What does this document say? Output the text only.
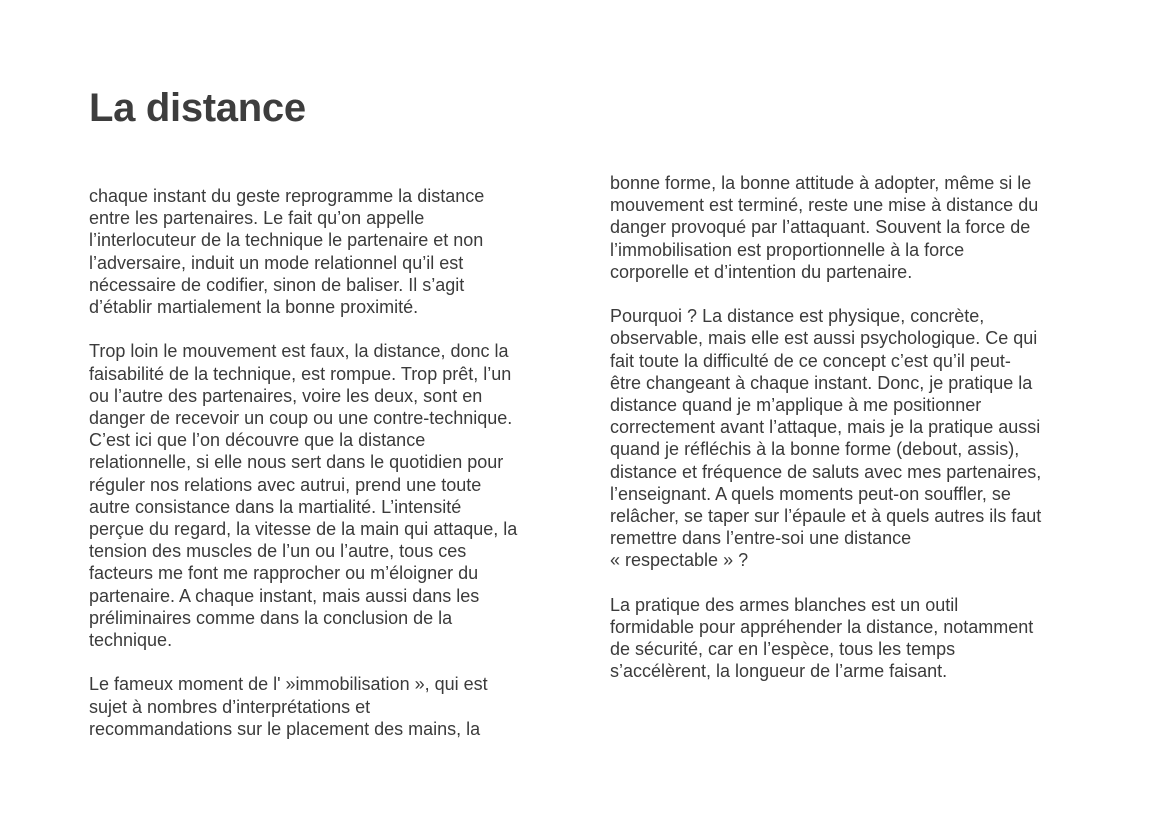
La distance

chaque instant du geste reprogramme la distance
entre les partenaires. Le fait qu’on appelle
l’interlocuteur de la technique le partenaire et non
l’adversaire, induit un mode relationnel qu’il est
nécessaire de codifier, sinon de baliser. Il s’agit
d’établir martialement la bonne proximité.

Trop loin le mouvement est faux, la distance, donc la
faisabilité de la technique, est rompue. Trop prêt, l’un
ou l’autre des partenaires, voire les deux, sont en
danger de recevoir un coup ou une contre-technique.
C’est ici que l’on découvre que la distance
relationnelle, si elle nous sert dans le quotidien pour
réguler nos relations avec autrui, prend une toute
autre consistance dans la martialité. L’intensité
perçue du regard, la vitesse de la main qui attaque, la
tension des muscles de l’un ou l’autre, tous ces
facteurs me font me rapprocher ou m’éloigner du
partenaire. A chaque instant, mais aussi dans les
préliminaires comme dans la conclusion de la
technique.

Le fameux moment de l' »immobilisation », qui est
sujet à nombres d’interprétations et
recommandations sur le placement des mains, la

bonne forme, la bonne attitude à adopter, même si le
mouvement est terminé, reste une mise à distance du
danger provoqué par l’attaquant. Souvent la force de
l’immobilisation est proportionnelle à la force
corporelle et d’intention du partenaire.

Pourquoi ? La distance est physique, concrète,
observable, mais elle est aussi psychologique. Ce qui
fait toute la difficulté de ce concept c’est qu’il peut-
être changeant à chaque instant. Donc, je pratique la
distance quand je m’applique à me positionner
correctement avant l’attaque, mais je la pratique aussi
quand je réfléchis à la bonne forme (debout, assis),
distance et fréquence de saluts avec mes partenaires,
l’enseignant. A quels moments peut-on souffler, se
relâcher, se taper sur l’épaule et à quels autres ils faut
remettre dans l’entre-soi une distance
« respectable » ?

La pratique des armes blanches est un outil
formidable pour appréhender la distance, notamment
de sécurité, car en l’espèce, tous les temps
s’accélèrent, la longueur de l’arme faisant.
